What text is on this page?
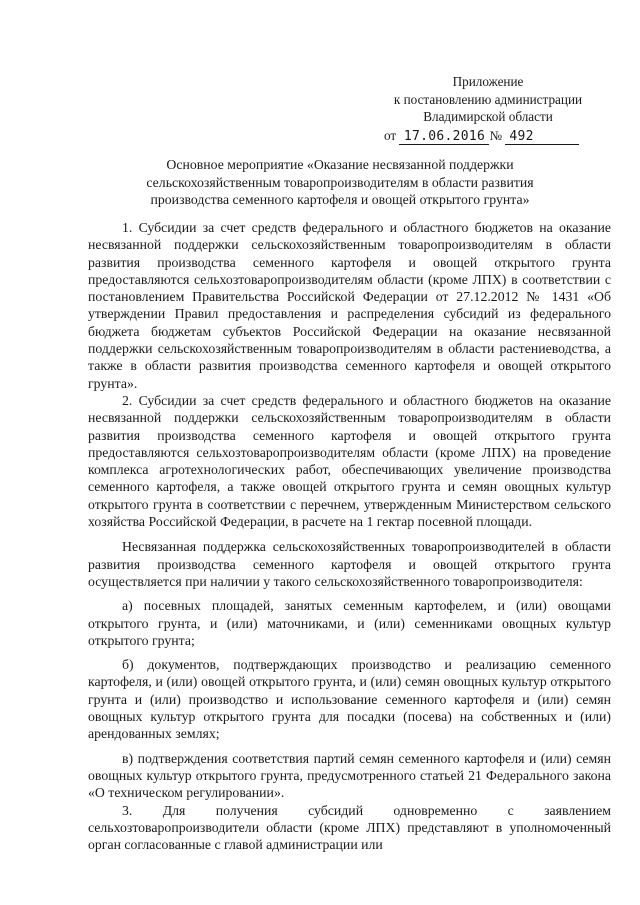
Приложение
к постановлению администрации
Владимирской области
от 17.06.2016 № 492
Основное мероприятие «Оказание несвязанной поддержки
сельскохозяйственным товаропроизводителям в области развития
производства семенного картофеля и овощей открытого грунта»

1. Субсидии за счет средств федерального и областного бюджетов на оказание несвязанной поддержки сельскохозяйственным товаропроизводителям в области развития производства семенного картофеля и овощей открытого грунта предоставляются сельхозтоваропроизводителям области (кроме ЛПХ) в соответствии с постановлением Правительства Российской Федерации от 27.12.2012 № 1431 «Об утверждении Правил предоставления и распределения субсидий из федерального бюджета бюджетам субъектов Российской Федерации на оказание несвязанной поддержки сельскохозяйственным товаропроизводителям в области растениеводства, а также в области развития производства семенного картофеля и овощей открытого грунта».

2. Субсидии за счет средств федерального и областного бюджетов на оказание несвязанной поддержки сельскохозяйственным товаропроизводителям в области развития производства семенного картофеля и овощей открытого грунта предоставляются сельхозтоваропроизводителям области (кроме ЛПХ) на проведение комплекса агротехнологических работ, обеспечивающих увеличение производства семенного картофеля, а также овощей открытого грунта и семян овощных культур открытого грунта в соответствии с перечнем, утвержденным Министерством сельского хозяйства Российской Федерации, в расчете на 1 гектар посевной площади.

Несвязанная поддержка сельскохозяйственных товаропроизводителей в области развития производства семенного картофеля и овощей открытого грунта осуществляется при наличии у такого сельскохозяйственного товаропроизводителя:

а) посевных площадей, занятых семенным картофелем, и (или) овощами открытого грунта, и (или) маточниками, и (или) семенниками овощных культур открытого грунта;

б) документов, подтверждающих производство и реализацию семенного картофеля, и (или) овощей открытого грунта, и (или) семян овощных культур открытого грунта и (или) производство и использование семенного картофеля и (или) семян овощных культур открытого грунта для посадки (посева) на собственных и (или) арендованных землях;

в) подтверждения соответствия партий семян семенного картофеля и (или) семян овощных культур открытого грунта, предусмотренного статьей 21 Федерального закона «О техническом регулировании».

3. Для получения субсидий одновременно с заявлением сельхозтоваропроизводители области (кроме ЛПХ) представляют в уполномоченный орган согласованные с главой администрации или
